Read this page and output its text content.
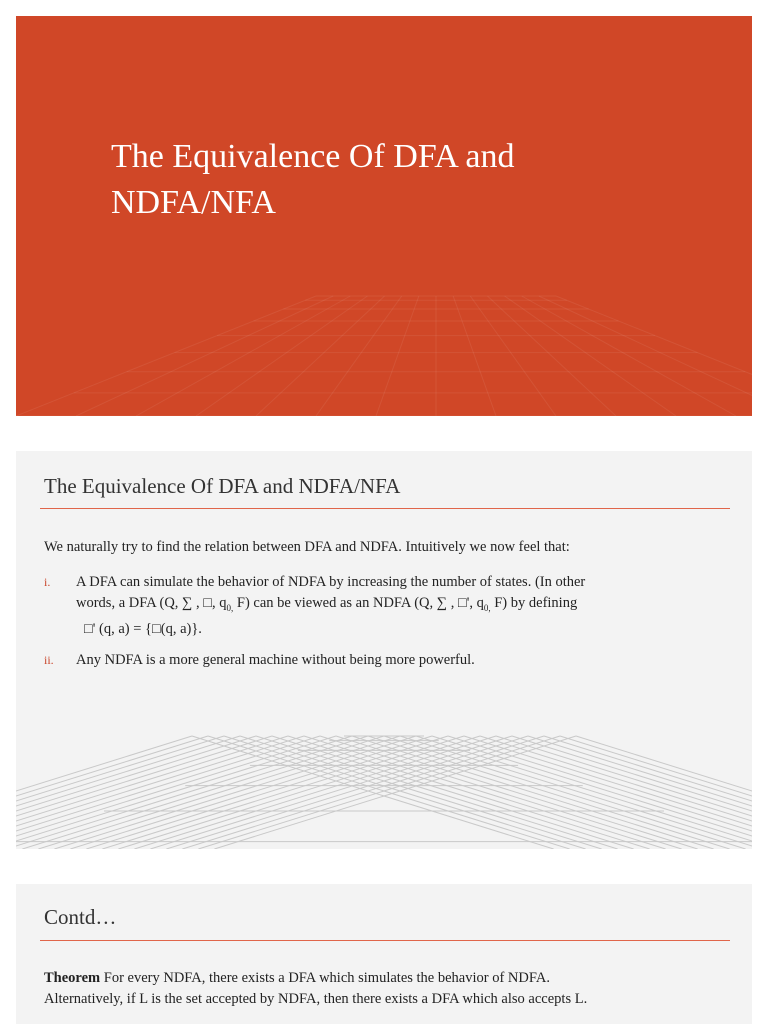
The Equivalence Of DFA and
NDFA/NFA
The Equivalence Of DFA and NDFA/NFA

We naturally try to find the relation between DFA and NDFA. Intuitively we now feel that:

i. A DFA can simulate the behavior of NDFA by increasing the number of states. (In other
words, a DFA (Q, ∑ , □, $q_{0,}$ F) can be viewed as an NDFA (Q, ∑ , □', $q_{0,}$ F) by defining
□' (q, a) = {□(q, a)}.
ii. Any NDFA is a more general machine without being more powerful.
Contd…

Theorem For every NDFA, there exists a DFA which simulates the behavior of NDFA.
Alternatively, if L is the set accepted by NDFA, then there exists a DFA which also accepts L.
